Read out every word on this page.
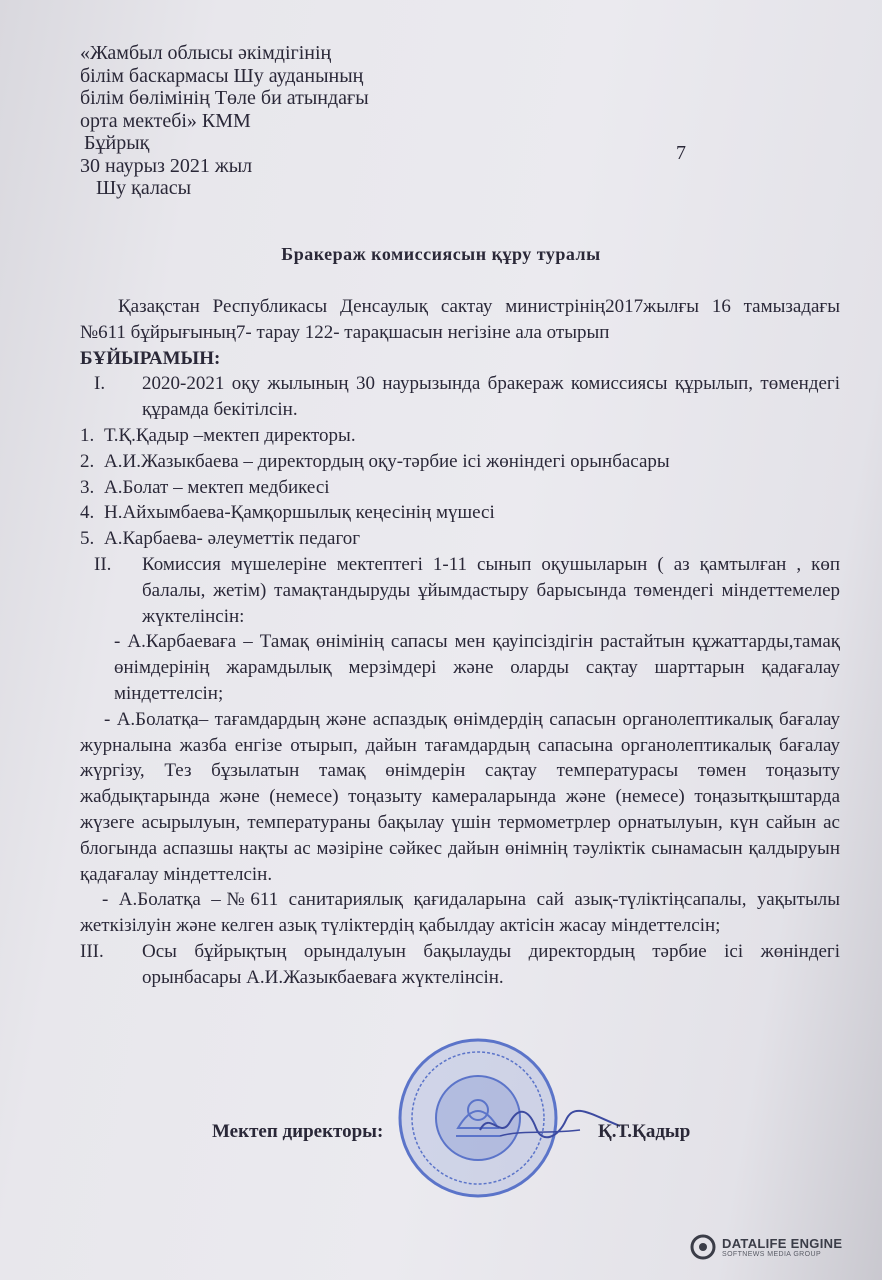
«Жамбыл облысы әкімдігінің
білім баскармасы Шу ауданының
білім бөлімінің Төле би атындағы
орта мектебі» КММ
Бұйрық
30 наурыз 2021 жыл
Шу қаласы
7
Бракераж комиссиясын құру туралы

Қазақстан Республикасы Денсаулық сактау министрінің2017жылғы 16 тамызадағы №611 бұйрығының7- тарау 122- тарақшасын негізіне ала отырып

БҰЙЫРАМЫН:

I.	2020-2021 оқу жылының 30 наурызында бракераж комиссиясы құрылып, төмендегі құрамда бекітілсін.
1. Т.Қ.Қадыр –мектеп директоры.
2. А.И.Жазыкбаева – директордың оқу-тәрбие ісі жөніндегі орынбасары
3. А.Болат – мектеп медбикесі
4. Н.Айхымбаева-Қамқоршылық кеңесінің мүшесі
5. А.Карбаева- әлеуметтік педагог
II.	Комиссия мүшелеріне мектептегі 1-11 сынып оқушыларын ( аз қамтылған , көп балалы, жетім) тамақтандыруды ұйымдастыру барысында төмендегі міндеттемелер жүктелінсін:

- А.Карбаеваға – Тамақ өнімінің сапасы мен қауіпсіздігін растайтын құжаттарды,тамақ өнімдерінің жарамдылық мерзімдері және оларды сақтау шарттарын қадағалау міндеттелсін;

- А.Болатқа– тағамдардың және аспаздық өнімдердің сапасын органолептикалық бағалау журналына жазба енгізе отырып, дайын тағамдардың сапасына органолептикалық бағалау жүргізу, Тез бұзылатын тамақ өнімдерін сақтау температурасы төмен тоңазыту жабдықтарында және (немесе) тоңазыту камераларында және (немесе) тоңазытқыштарда жүзеге асырылуын, температураны бақылау үшін термометрлер орнатылуын, күн сайын ас блогында аспазшы нақты ас мәзіріне сәйкес дайын өнімнің тәуліктік сынамасын қалдыруын қадағалау міндеттелсін.

- А.Болатқа –№611 санитариялық қағидаларына сай азық-түліктіңсапалы, уақытылы жеткізілуін және келген азық түліктердің қабылдау актісін жасау міндеттелсін;

III.	Осы бұйрықтың орындалуын бақылауды директордың тәрбие ісі жөніндегі орынбасары А.И.Жазыкбаеваға жүктелінсін.
Мектеп директоры:	Қ.Т.Қадыр
DATALIFE ENGINE
SOFTNEWS MEDIA GROUP
